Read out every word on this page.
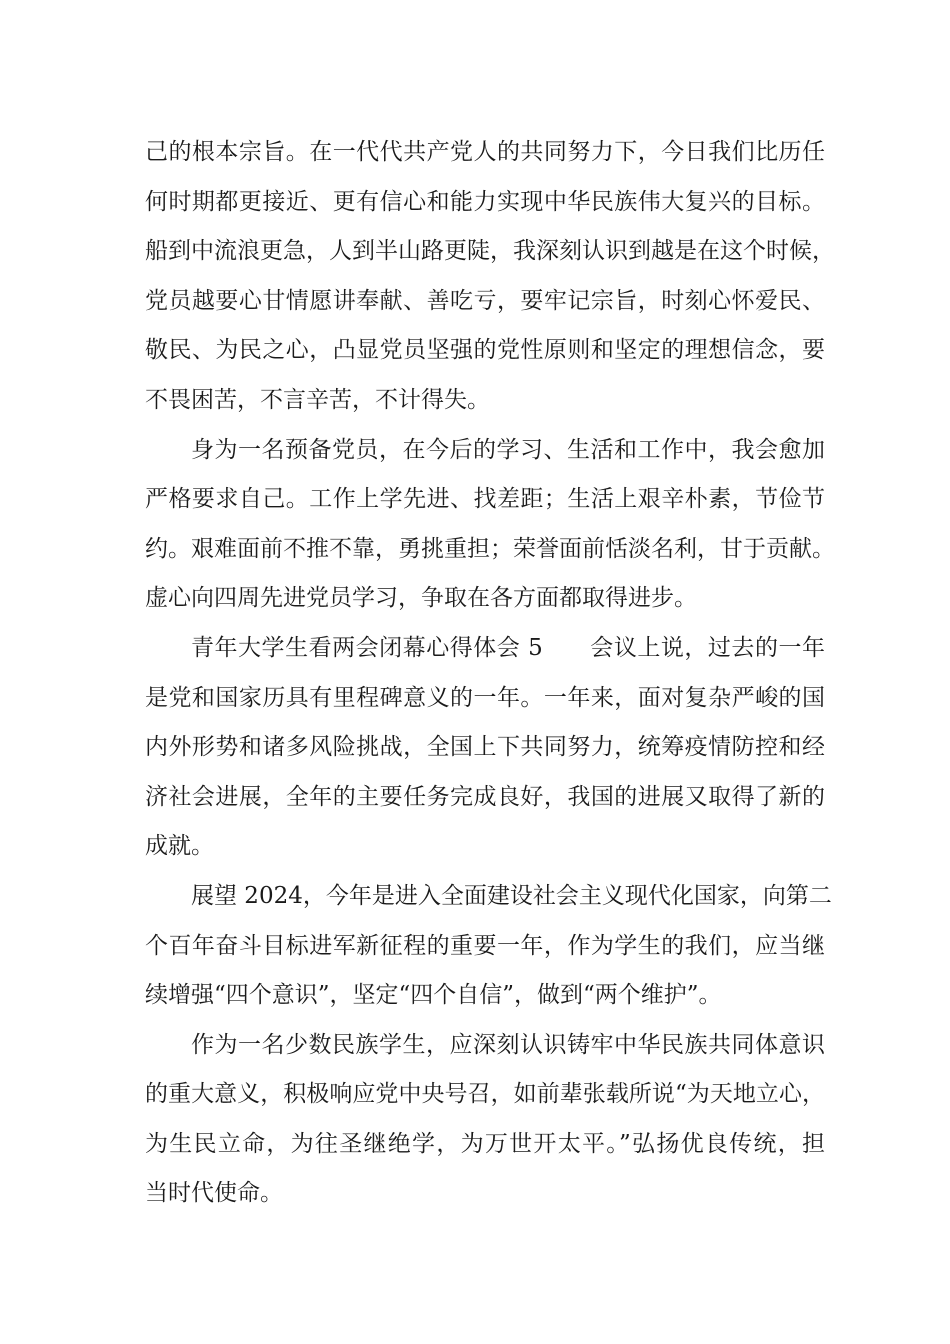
己的根本宗旨。在一代代共产党人的共同努力下，今日我们比历任
何时期都更接近、更有信心和能力实现中华民族伟大复兴的目标。
船到中流浪更急，人到半山路更陡，我深刻认识到越是在这个时候，
党员越要心甘情愿讲奉献、善吃亏，要牢记宗旨，时刻心怀爱民、
敬民、为民之心，凸显党员坚强的党性原则和坚定的理想信念，要
不畏困苦，不言辛苦，不计得失。
身为一名预备党员，在今后的学习、生活和工作中，我会愈加
严格要求自己。工作上学先进、找差距；生活上艰辛朴素，节俭节
约。艰难面前不推不靠，勇挑重担；荣誉面前恬淡名利，甘于贡献。
虚心向四周先进党员学习，争取在各方面都取得进步。
青年大学生看两会闭幕心得体会 5　　会议上说，过去的一年
是党和国家历具有里程碑意义的一年。一年来，面对复杂严峻的国
内外形势和诸多风险挑战，全国上下共同努力，统筹疫情防控和经
济社会进展，全年的主要任务完成良好，我国的进展又取得了新的
成就。
展望 2024，今年是进入全面建设社会主义现代化国家，向第二
个百年奋斗目标进军新征程的重要一年，作为学生的我们，应当继
续增强“四个意识”，坚定“四个自信”，做到“两个维护”。
作为一名少数民族学生，应深刻认识铸牢中华民族共同体意识
的重大意义，积极响应党中央号召，如前辈张载所说“为天地立心，
为生民立命，为往圣继绝学，为万世开太平。”弘扬优良传统，担
当时代使命。
